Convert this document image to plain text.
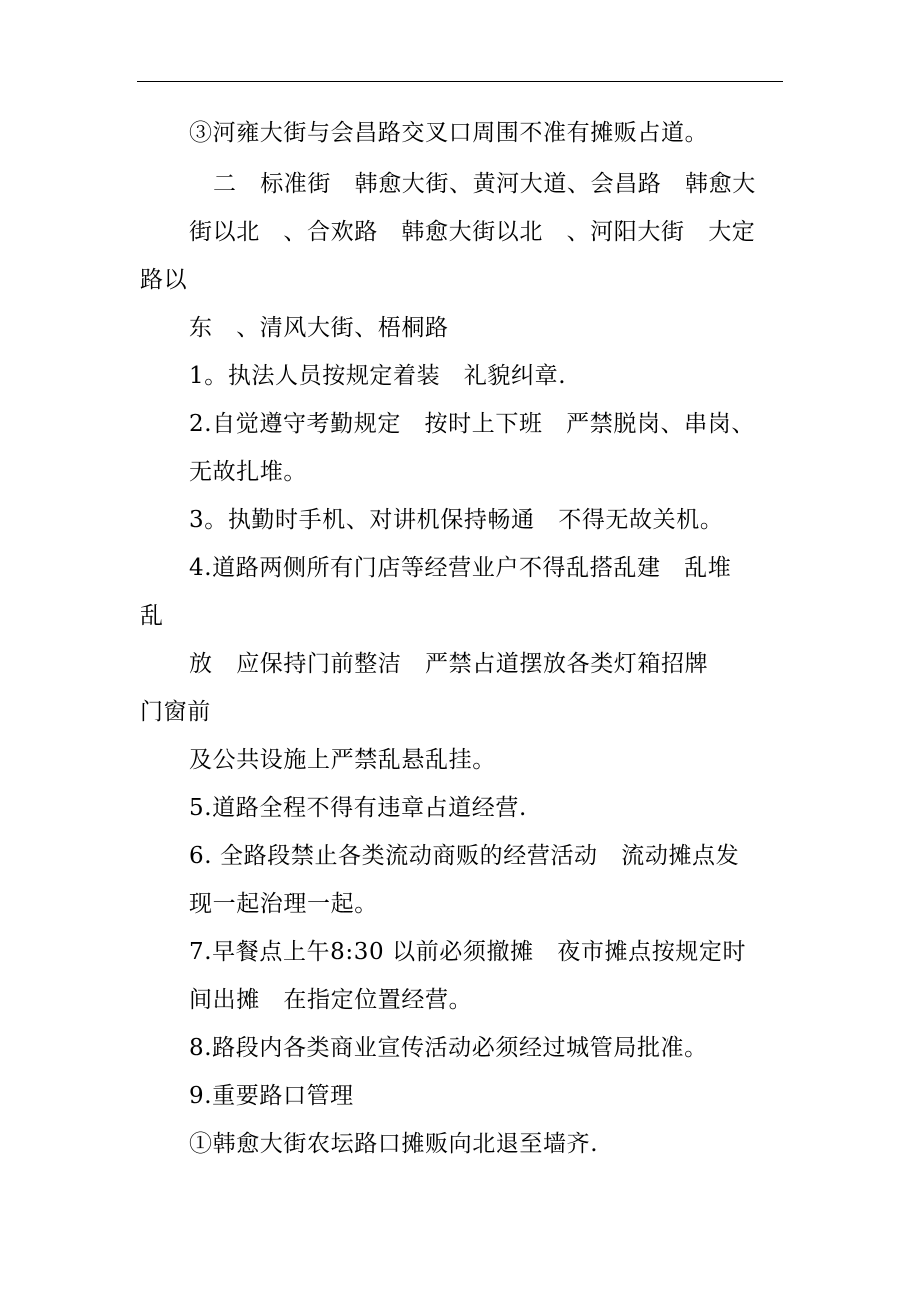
③河雍大街与会昌路交叉口周围不准有摊贩占道。
二　标准街　韩愈大街、黄河大道、会昌路　韩愈大
街以北　、合欢路　韩愈大街以北　、河阳大街　大定
路以
东　、清风大街、梧桐路
1。执法人员按规定着装　礼貌纠章.
2.自觉遵守考勤规定　按时上下班　严禁脱岗、串岗、
无故扎堆。
3。执勤时手机、对讲机保持畅通　不得无故关机。
4.道路两侧所有门店等经营业户不得乱搭乱建　乱堆
乱
放　应保持门前整洁　严禁占道摆放各类灯箱招牌
门窗前
及公共设施上严禁乱悬乱挂。
5.道路全程不得有违章占道经营.
6. 全路段禁止各类流动商贩的经营活动　流动摊点发
现一起治理一起。
7.早餐点上午8:30 以前必须撤摊　夜市摊点按规定时
间出摊　在指定位置经营。
8.路段内各类商业宣传活动必须经过城管局批准。
9.重要路口管理
①韩愈大街农坛路口摊贩向北退至墙齐.
